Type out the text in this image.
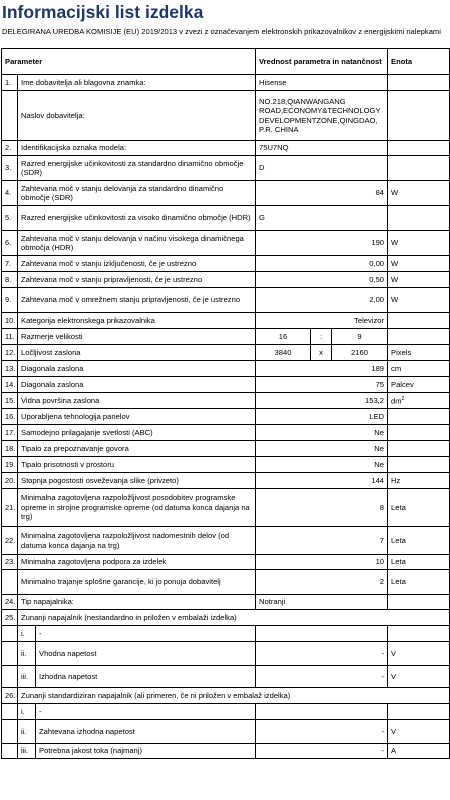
Informacijski list izdelka
DELEGIRANA UREDBA KOMISIJE (EU) 2019/2013 v zvezi z označevanjem elektronskih prikazovalnikov z energijskimi nalepkami
Parameter			Vrednost parametra in natančnost			Enota
1.	Ime dobavitelja ali blagovna znamka:		Hisense			
	Naslov dobavitelja:		NO.218,QIANWANGANG ROAD,ECONOMY&TECHNOLOGY DEVELOPMENTZONE,QINGDAO, P.R. CHINA			
2.	Identifikacijska oznaka modela:		75U7NQ			
3.	Razred energijske učinkovitosti za standardno dinamično območje (SDR)		D			
4.	Zahtevana moč v stanju delovanja za standardno dinamično območje (SDR)		84			W
5.	Razred energijske učinkovitosti za visoko dinamično območje (HDR)		G			
6.	Zahtevana moč v stanju delovanja v načinu visokega dinamičnega območja (HDR)		190			W
7.	Zahtevana moč v stanju izključenosti, če je ustrezno		0,00			W
8.	Zahtevana moč v stanju pripravljenosti, če je ustrezno		0,50			W
9.	Zahtevana moč v omrežnem stanju pripravljenosti, če je ustrezno		2,00			W
10.	Kategorija elektronskega prikazovalnika		Televizor			
11.	Razmerje velikosti		16	:	9	
12.	Ločljivost zaslona		3840	x	2160	Pixels
13.	Diagonala zaslona		189			cm
14.	Diagonala zaslona		75			Palcev
15.	Vidna površina zaslona		153,2			$dm^2$
16.	Uporabljena tehnologija panelov		LED			
17.	Samodejno prilagajanje svetlosti (ABC)		Ne			
18.	Tipalo za prepoznavanje govora		Ne			
19.	Tipalo prisotnosti v prostoru		Ne			
20.	Stopnja pogostosti osveževanja slike (privzeto)		144			Hz
21.	Minimalna zagotovljena razpoložljivost posodobitev programske opreme in strojne programske opreme (od datuma konca dajanja na trg)		8			Leta
22.	Minimalna zagotovljena razpoložljivost nadomestnih delov (od datuma konca dajanja na trg)		7			Leta
23.	Minimalna zagotovljena podpora za izdelek		10			Leta
	Minimalno trajanje splošne garancije, ki jo ponuja dobavitelj		2			Leta
24.	Tip napajalnika:		Notranji			
25.	Zunanji napajalnik (nestandardno in priložen v embalaži izdelka)					
	i.	-				
	ii.	Vhodna napetost	-			V
	iii.	Izhodna napetost	-			V
26.	Zunanji standardiziran napajalnik (ali primeren, če ni priložen v embalaž izdelka)					
	i.	-				
	ii.	Zahtevana izhodna napetost	-			V
	iii.	Potrebna jakost toka (najmanj)	-			A
